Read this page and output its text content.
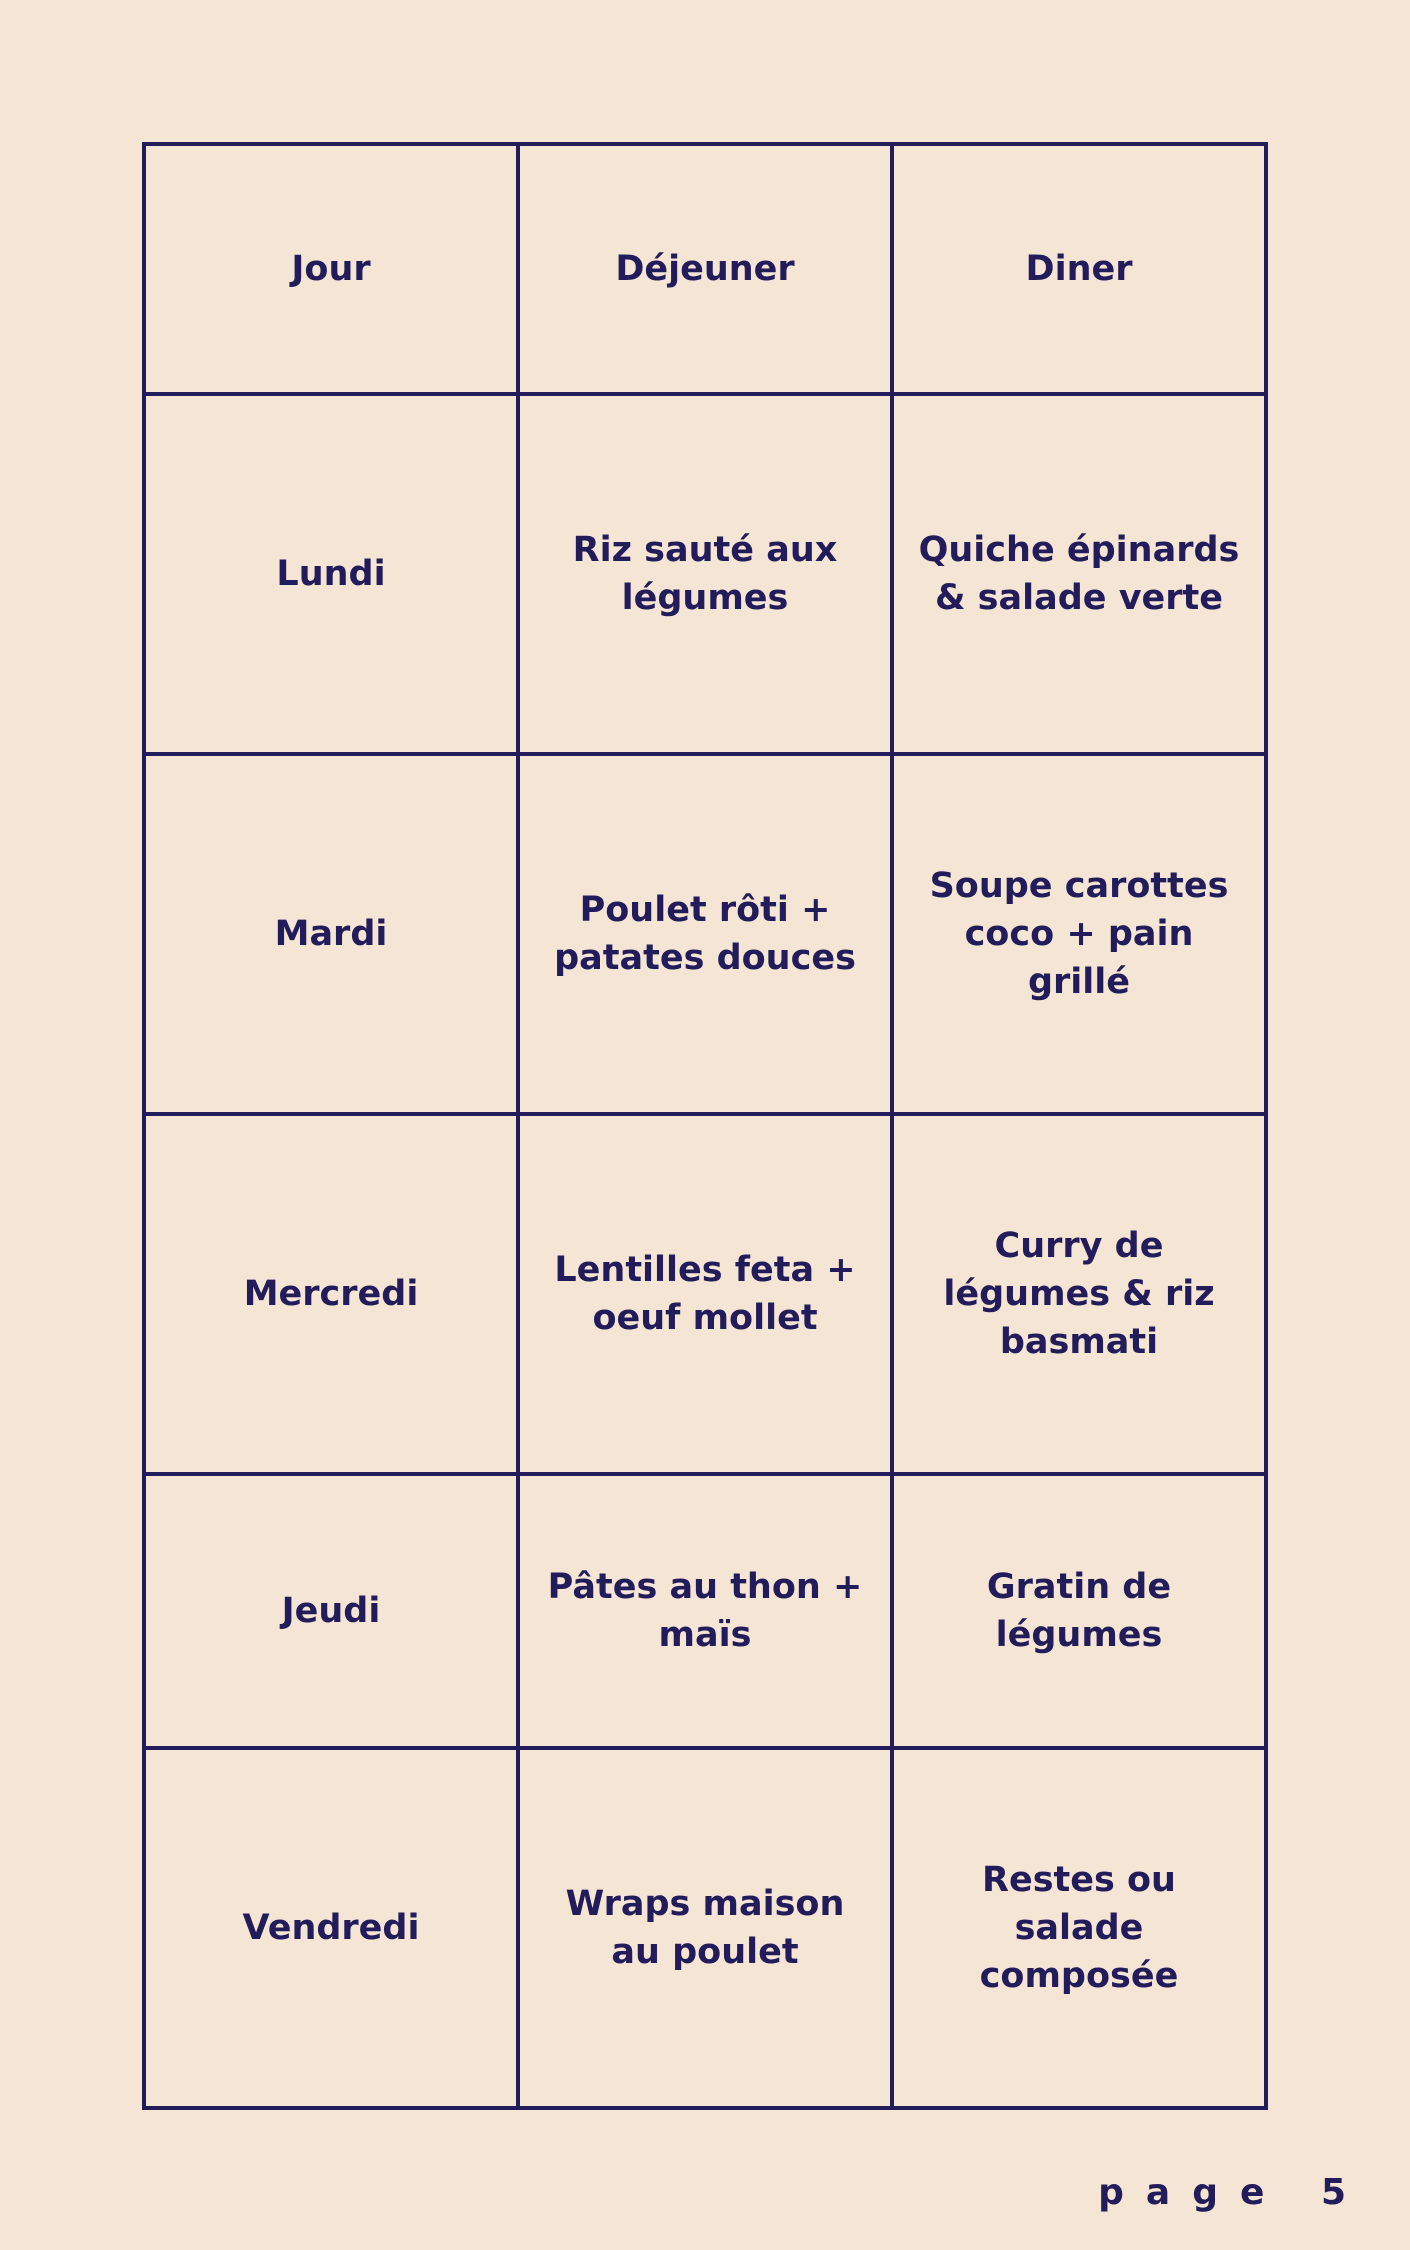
Jour	Déjeuner	Diner
Lundi	Riz sauté aux légumes	Quiche épinards & salade verte
Mardi	Poulet rôti + patates douces	Soupe carottes coco + pain grillé
Mercredi	Lentilles feta + oeuf mollet	Curry de légumes & riz basmati
Jeudi	Pâtes au thon + maïs	Gratin de légumes
Vendredi	Wraps maison au poulet	Restes ou salade composée
page 5
